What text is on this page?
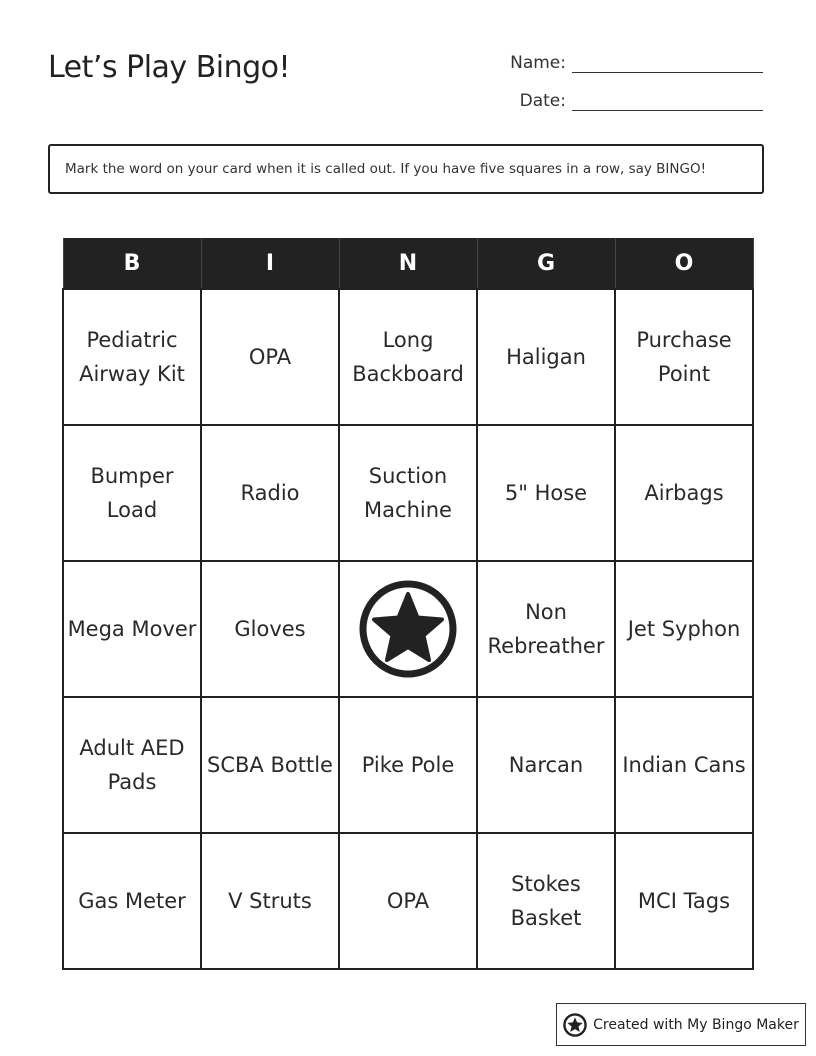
Let’s Play Bingo!	Name:
Date:
Mark the word on your card when it is called out. If you have five squares in a row, say BINGO!
B	I	N	G	O
Pediatric Airway Kit	OPA	Long Backboard	Haligan	Purchase Point
Bumper Load	Radio	Suction Machine	5" Hose	Airbags
Mega Mover	Gloves		Non Rebreather	Jet Syphon
Adult AED Pads	SCBA Bottle	Pike Pole	Narcan	Indian Cans
Gas Meter	V Struts	OPA	Stokes Basket	MCI Tags
Created with My Bingo Maker
